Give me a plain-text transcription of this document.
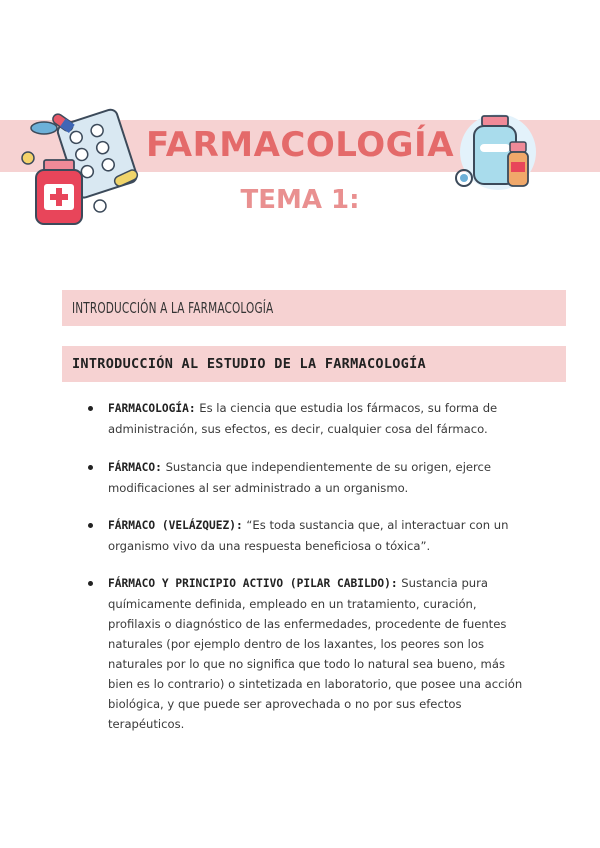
FARMACOLOGÍA
TEMA 1:
INTRODUCCIÓN A LA FARMACOLOGÍA
INTRODUCCIÓN AL ESTUDIO DE LA FARMACOLOGÍA
FARMACOLOGÍA: Es la ciencia que estudia los fármacos, su forma de administración, sus efectos, es decir, cualquier cosa del fármaco.
FÁRMACO: Sustancia que independientemente de su origen, ejerce modificaciones al ser administrado a un organismo.
FÁRMACO (VELÁZQUEZ): “Es toda sustancia que, al interactuar con un organismo vivo da una respuesta beneficiosa o tóxica”.
FÁRMACO Y PRINCIPIO ACTIVO (PILAR CABILDO): Sustancia pura químicamente definida, empleado en un tratamiento, curación, profilaxis o diagnóstico de las enfermedades, procedente de fuentes naturales (por ejemplo dentro de los laxantes, los peores son los naturales por lo que no significa que todo lo natural sea bueno, más bien es lo contrario) o sintetizada en laboratorio, que posee una acción biológica, y que puede ser aprovechada o no por sus efectos terapéuticos.
